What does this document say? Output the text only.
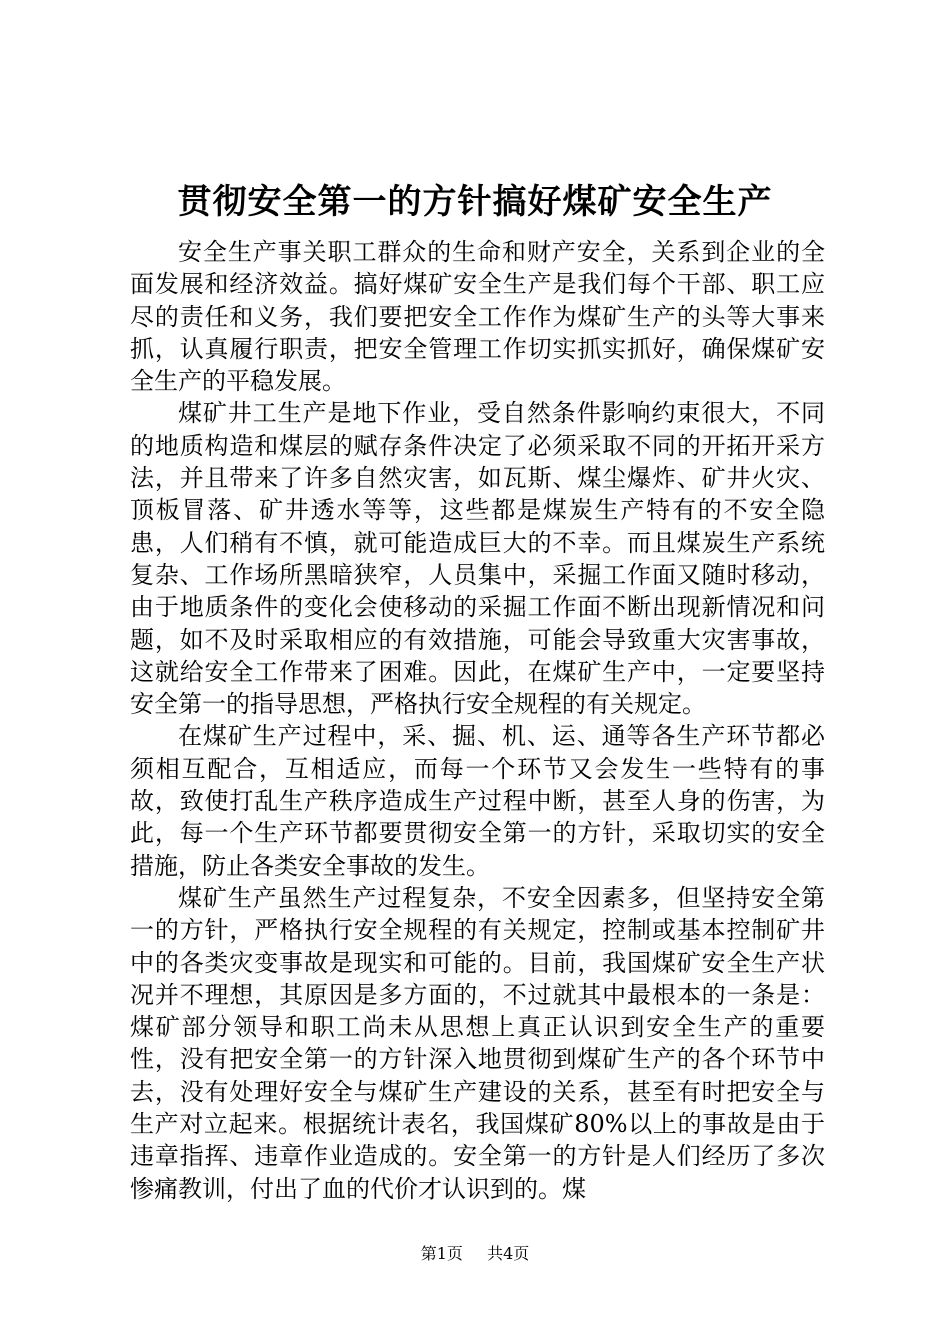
贯彻安全第一的方针搞好煤矿安全生产

安全生产事关职工群众的生命和财产安全，关系到企业的全面发展和经济效益。搞好煤矿安全生产是我们每个干部、职工应尽的责任和义务，我们要把安全工作作为煤矿生产的头等大事来抓，认真履行职责，把安全管理工作切实抓实抓好，确保煤矿安全生产的平稳发展。

煤矿井工生产是地下作业，受自然条件影响约束很大，不同的地质构造和煤层的赋存条件决定了必须采取不同的开拓开采方法，并且带来了许多自然灾害，如瓦斯、煤尘爆炸、矿井火灾、顶板冒落、矿井透水等等，这些都是煤炭生产特有的不安全隐患，人们稍有不慎，就可能造成巨大的不幸。而且煤炭生产系统复杂、工作场所黑暗狭窄，人员集中，采掘工作面又随时移动，由于地质条件的变化会使移动的采掘工作面不断出现新情况和问题，如不及时采取相应的有效措施，可能会导致重大灾害事故，这就给安全工作带来了困难。因此，在煤矿生产中，一定要坚持安全第一的指导思想，严格执行安全规程的有关规定。

在煤矿生产过程中，采、掘、机、运、通等各生产环节都必须相互配合，互相适应，而每一个环节又会发生一些特有的事故，致使打乱生产秩序造成生产过程中断，甚至人身的伤害，为此，每一个生产环节都要贯彻安全第一的方针，采取切实的安全措施，防止各类安全事故的发生。

煤矿生产虽然生产过程复杂，不安全因素多，但坚持安全第一的方针，严格执行安全规程的有关规定，控制或基本控制矿井中的各类灾变事故是现实和可能的。目前，我国煤矿安全生产状况并不理想，其原因是多方面的，不过就其中最根本的一条是：煤矿部分领导和职工尚未从思想上真正认识到安全生产的重要性，没有把安全第一的方针深入地贯彻到煤矿生产的各个环节中去，没有处理好安全与煤矿生产建设的关系，甚至有时把安全与生产对立起来。根据统计表名，我国煤矿80%以上的事故是由于违章指挥、违章作业造成的。安全第一的方针是人们经历了多次惨痛教训，付出了血的代价才认识到的。煤

第1页 共4页
